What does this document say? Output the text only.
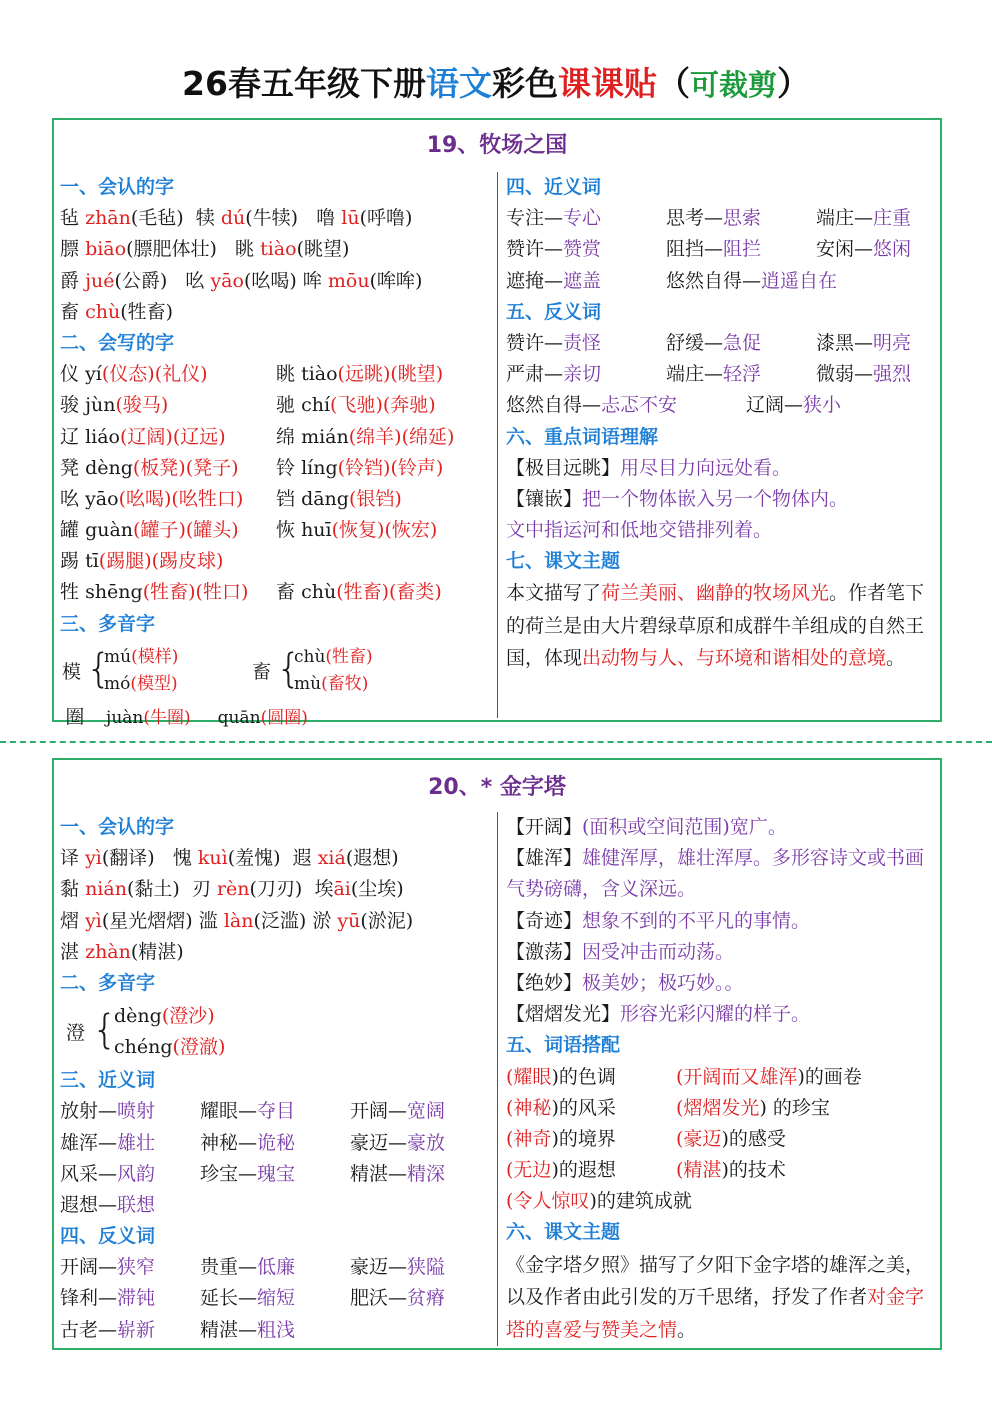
26春五年级下册语文彩色课课贴（可裁剪）
19、牧场之国
一、会认的字
毡 zhān(毛毡) 犊 dú(牛犊) 噜 lū(呼噜)
膘 biāo(膘肥体壮) 眺 tiào(眺望)
爵 jué(公爵) 吆 yāo(吆喝) 哞 mōu(哞哞)
畜 chù(牲畜)
二、会写的字
仪 yí(仪态)(礼仪)	眺 tiào(远眺)(眺望)
骏 jùn(骏马)	驰 chí(飞驰)(奔驰)
辽 liáo(辽阔)(辽远)	绵 mián(绵羊)(绵延)
凳 dèng(板凳)(凳子) 铃 líng(铃铛)(铃声)
吆 yāo(吆喝)(吆牲口) 铛 dāng(银铛)
罐 guàn(罐子)(罐头) 恢 huī(恢复)(恢宏)
踢 tī(踢腿)(踢皮球)
牲 shēng(牲畜)(牲口) 畜 chù(牲畜)(畜类)
三、多音字
模 {
mú(模样)
mó(模型)
畜 {
chù(牲畜)
mù(畜牧)
圈 juàn(牛圈) quān(圆圈)
四、近义词
专注—专心	思考—思索	端庄—庄重
赞许—赞赏	阻挡—阻拦	安闲—悠闲
遮掩—遮盖	悠然自得—逍遥自在
五、反义词
赞许—责怪	舒缓—急促	漆黑—明亮
严肃—亲切	端庄—轻浮	微弱—强烈
悠然自得—忐忑不安	辽阔—狭小
六、重点词语理解
【极目远眺】用尽目力向远处看。
【镶嵌】把一个物体嵌入另一个物体内。
文中指运河和低地交错排列着。
七、课文主题
本文描写了荷兰美丽、幽静的牧场风光。作者笔下的荷兰是由大片碧绿草原和成群牛羊组成的自然王国，体现出动物与人、与环境和谐相处的意境。
20、* 金字塔
一、会认的字
译 yì(翻译) 愧 kuì(羞愧) 遐 xiá(遐想)
黏 nián(黏土) 刃 rèn(刀刃) 埃āi(尘埃)
熠 yì(星光熠熠) 滥 làn(泛滥) 淤 yū(淤泥)
湛 zhàn(精湛)
二、多音字
澄 {
dèng(澄沙)
chéng(澄澈)
三、近义词
放射—喷射 耀眼—夺目	开阔—宽阔
雄浑—雄壮 神秘—诡秘	豪迈—豪放
风采—风韵 珍宝—瑰宝	精湛—精深
遐想—联想
四、反义词
开阔—狭窄 贵重—低廉	豪迈—狭隘
锋利—滞钝 延长—缩短	肥沃—贫瘠
古老—崭新 精湛—粗浅
【开阔】(面积或空间范围)宽广。
【雄浑】雄健浑厚，雄壮浑厚。多形容诗文或书画气势磅礴，含义深远。
【奇迹】想象不到的不平凡的事情。
【激荡】因受冲击而动荡。
【绝妙】极美妙；极巧妙。。
【熠熠发光】形容光彩闪耀的样子。
五、词语搭配
(耀眼)的色调	(开阔而又雄浑)的画卷
(神秘)的风采	(熠熠发光) 的珍宝
(神奇)的境界	(豪迈)的感受
(无边)的遐想	(精湛)的技术
(令人惊叹)的建筑成就
六、课文主题
《金字塔夕照》描写了夕阳下金字塔的雄浑之美，以及作者由此引发的万千思绪，抒发了作者对金字塔的喜爱与赞美之情。
